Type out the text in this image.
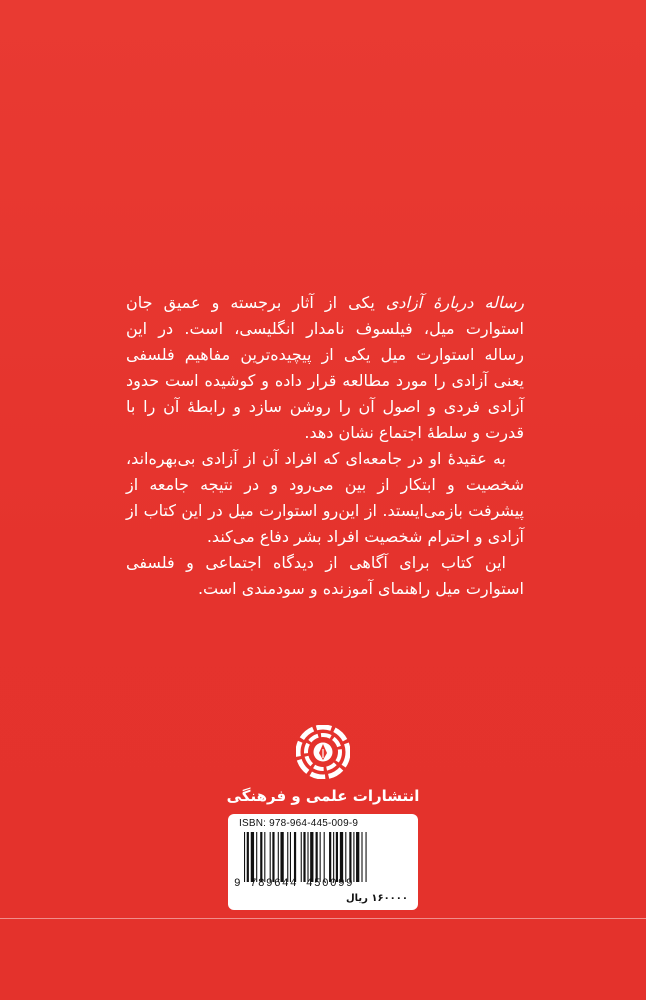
رساله دربارهٔ آزادی یکی از آثار برجسته و عمیق جان استوارت میل، فیلسوف نامدار انگلیسی، است. در این رساله استوارت میل یکی از پیچیده‌ترین مفاهیم فلسفی یعنی آزادی را مورد مطالعه قرار داده و کوشیده است حدود آزادی فردی و اصول آن را روشن سازد و رابطهٔ آن را با قدرت و سلطهٔ اجتماع نشان دهد.

به عقیدهٔ او در جامعه‌ای که افراد آن از آزادی بی‌بهره‌اند، شخصیت و ابتکار از بین می‌رود و در نتیجه جامعه از پیشرفت بازمی‌ایستد. از این‌رو استوارت میل در این کتاب از آزادی و احترام شخصیت افراد بشر دفاع می‌کند.

این کتاب برای آگاهی از دیدگاه اجتماعی و فلسفی استوارت میل راهنمای آموزنده و سودمندی است.

انتشارات علمی و فرهنگی
ISBN: 978-964-445-009-9
9 789644 450099
۱۶۰۰۰۰ ریال
